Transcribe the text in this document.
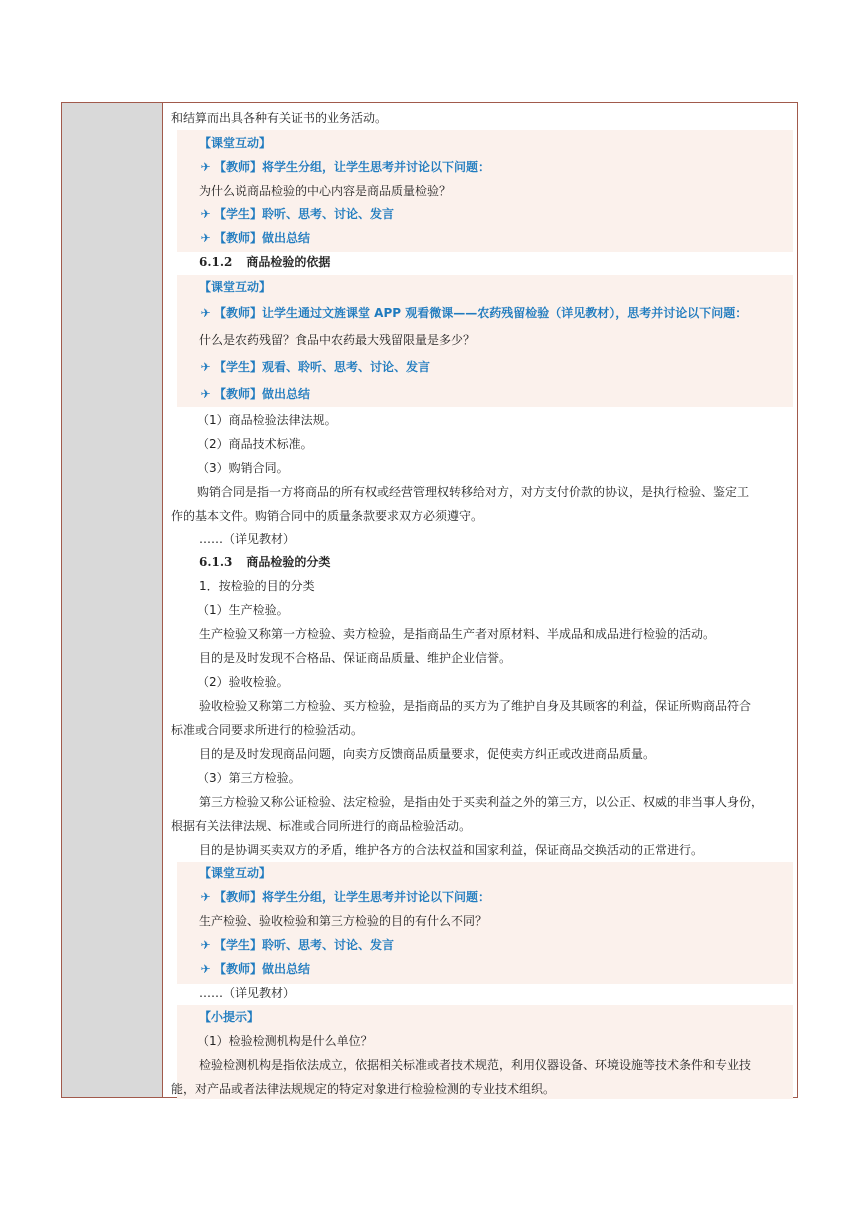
和结算而出具各种有关证书的业务活动。
【课堂互动】
✈ 【教师】将学生分组，让学生思考并讨论以下问题：
为什么说商品检验的中心内容是商品质量检验？
✈ 【学生】聆听、思考、讨论、发言
✈ 【教师】做出总结
6.1.2 商品检验的依据
【课堂互动】
✈ 【教师】让学生通过文旌课堂 APP 观看微课——农药残留检验（详见教材），思考并讨论以下问题：
什么是农药残留？食品中农药最大残留限量是多少？
✈ 【学生】观看、聆听、思考、讨论、发言
✈ 【教师】做出总结
（1）商品检验法律法规。
（2）商品技术标准。
（3）购销合同。
购销合同是指一方将商品的所有权或经营管理权转移给对方，对方支付价款的协议，是执行检验、鉴定工
作的基本文件。购销合同中的质量条款要求双方必须遵守。
……（详见教材）
6.1.3 商品检验的分类
1．按检验的目的分类
（1）生产检验。
生产检验又称第一方检验、卖方检验，是指商品生产者对原材料、半成品和成品进行检验的活动。
目的是及时发现不合格品、保证商品质量、维护企业信誉。
（2）验收检验。
验收检验又称第二方检验、买方检验，是指商品的买方为了维护自身及其顾客的利益，保证所购商品符合
标准或合同要求所进行的检验活动。
目的是及时发现商品问题，向卖方反馈商品质量要求，促使卖方纠正或改进商品质量。
（3）第三方检验。
第三方检验又称公证检验、法定检验，是指由处于买卖利益之外的第三方，以公正、权威的非当事人身份，
根据有关法律法规、标准或合同所进行的商品检验活动。
目的是协调买卖双方的矛盾，维护各方的合法权益和国家利益，保证商品交换活动的正常进行。
【课堂互动】
✈ 【教师】将学生分组，让学生思考并讨论以下问题：
生产检验、验收检验和第三方检验的目的有什么不同？
✈ 【学生】聆听、思考、讨论、发言
✈ 【教师】做出总结
……（详见教材）
【小提示】
（1）检验检测机构是什么单位？
检验检测机构是指依法成立，依据相关标准或者技术规范，利用仪器设备、环境设施等技术条件和专业技
能，对产品或者法律法规规定的特定对象进行检验检测的专业技术组织。
